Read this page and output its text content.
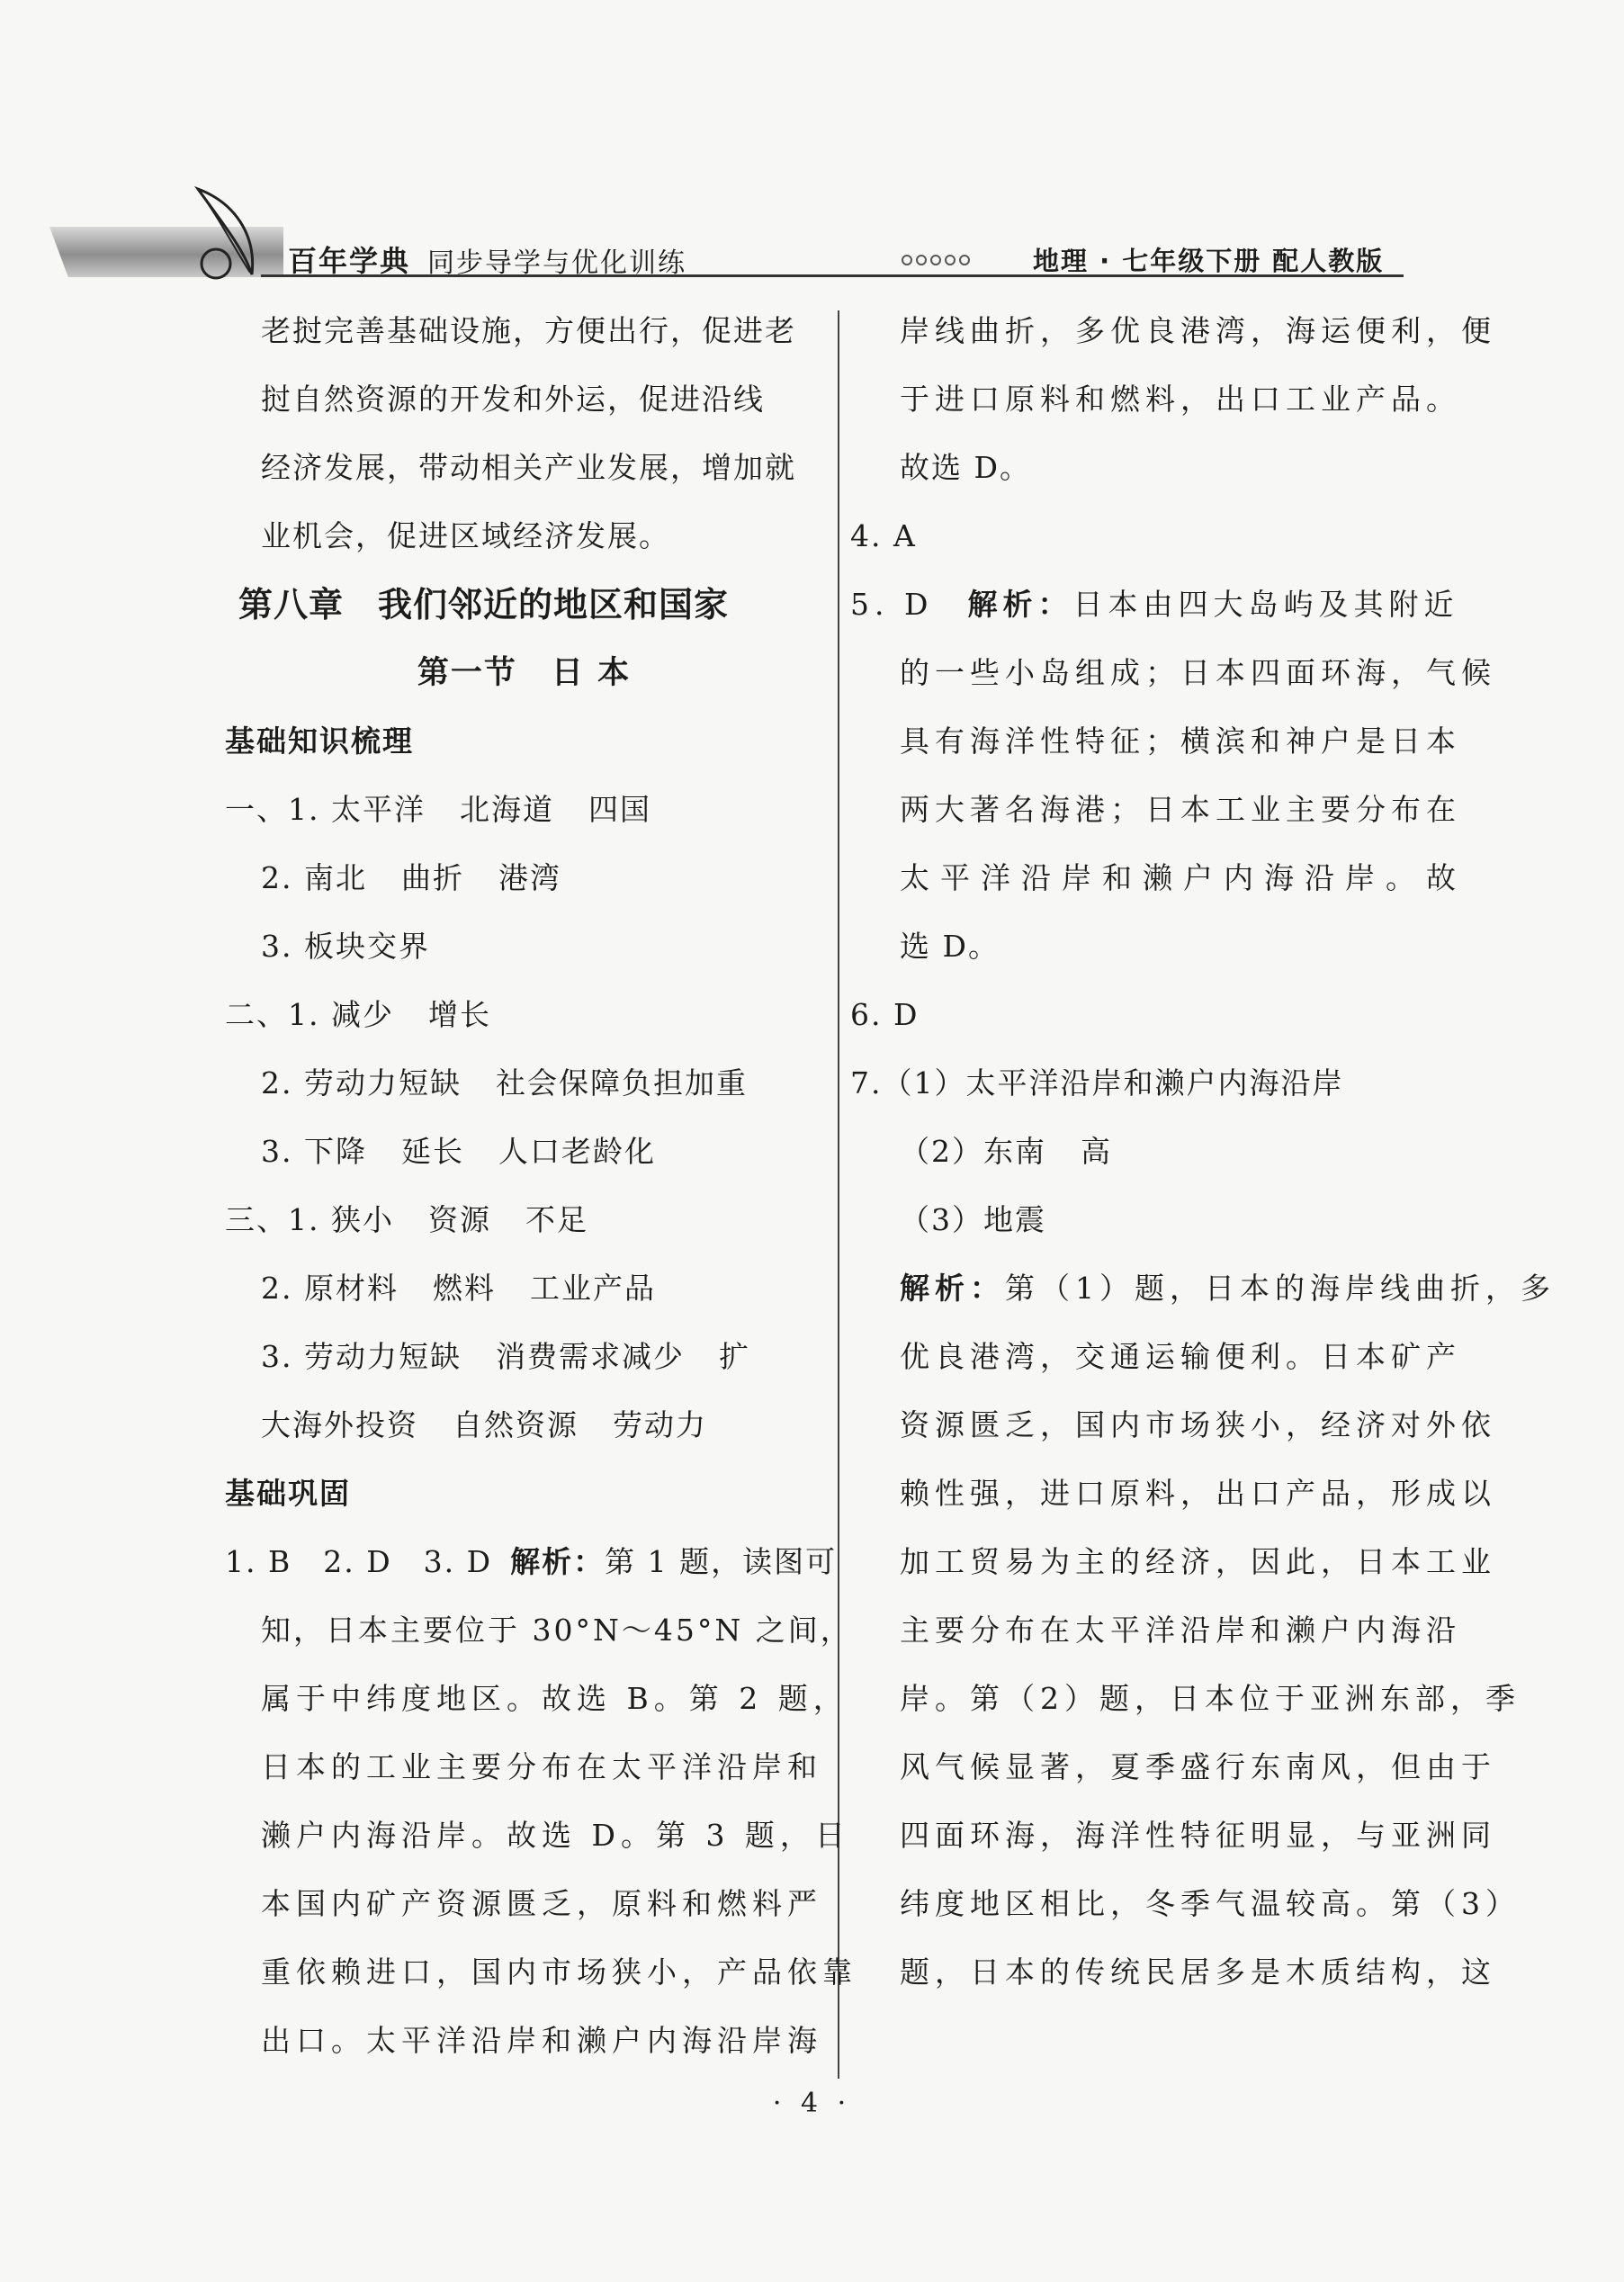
百年学典 同步导学与优化训练	地理 · 七年级下册 配人教版
老挝完善基础设施，方便出行，促进老
挝自然资源的开发和外运，促进沿线
经济发展，带动相关产业发展，增加就
业机会，促进区域经济发展。
第八章 我们邻近的地区和国家
第一节 日 本
基础知识梳理
一、1. 太平洋 北海道 四国
2. 南北 曲折 港湾
3. 板块交界
二、1. 减少 增长
2. 劳动力短缺 社会保障负担加重
3. 下降 延长 人口老龄化
三、1. 狭小 资源 不足
2. 原材料 燃料 工业产品
3. 劳动力短缺 消费需求减少 扩
大海外投资 自然资源 劳动力
基础巩固
1. B　2. D　3. D 解析：第 1 题，读图可
知，日本主要位于 30°N～45°N 之间，
属于中纬度地区。故选 B。第 2 题，
日本的工业主要分布在太平洋沿岸和
濑户内海沿岸。故选 D。第 3 题，日
本国内矿产资源匮乏，原料和燃料严
重依赖进口，国内市场狭小，产品依靠
出口。太平洋沿岸和濑户内海沿岸海
岸线曲折，多优良港湾，海运便利，便
于进口原料和燃料，出口工业产品。
故选 D。
4. A
5. D 解析：日本由四大岛屿及其附近
的一些小岛组成；日本四面环海，气候
具有海洋性特征；横滨和神户是日本
两大著名海港；日本工业主要分布在
太平洋沿岸和濑户内海沿岸。故
选 D。
6. D
7.（1）太平洋沿岸和濑户内海沿岸
（2）东南 高
（3）地震
解析：第（1）题，日本的海岸线曲折，多
优良港湾，交通运输便利。日本矿产
资源匮乏，国内市场狭小，经济对外依
赖性强，进口原料，出口产品，形成以
加工贸易为主的经济，因此，日本工业
主要分布在太平洋沿岸和濑户内海沿
岸。第（2）题，日本位于亚洲东部，季
风气候显著，夏季盛行东南风，但由于
四面环海，海洋性特征明显，与亚洲同
纬度地区相比，冬季气温较高。第（3）
题，日本的传统民居多是木质结构，这
· 4 ·
